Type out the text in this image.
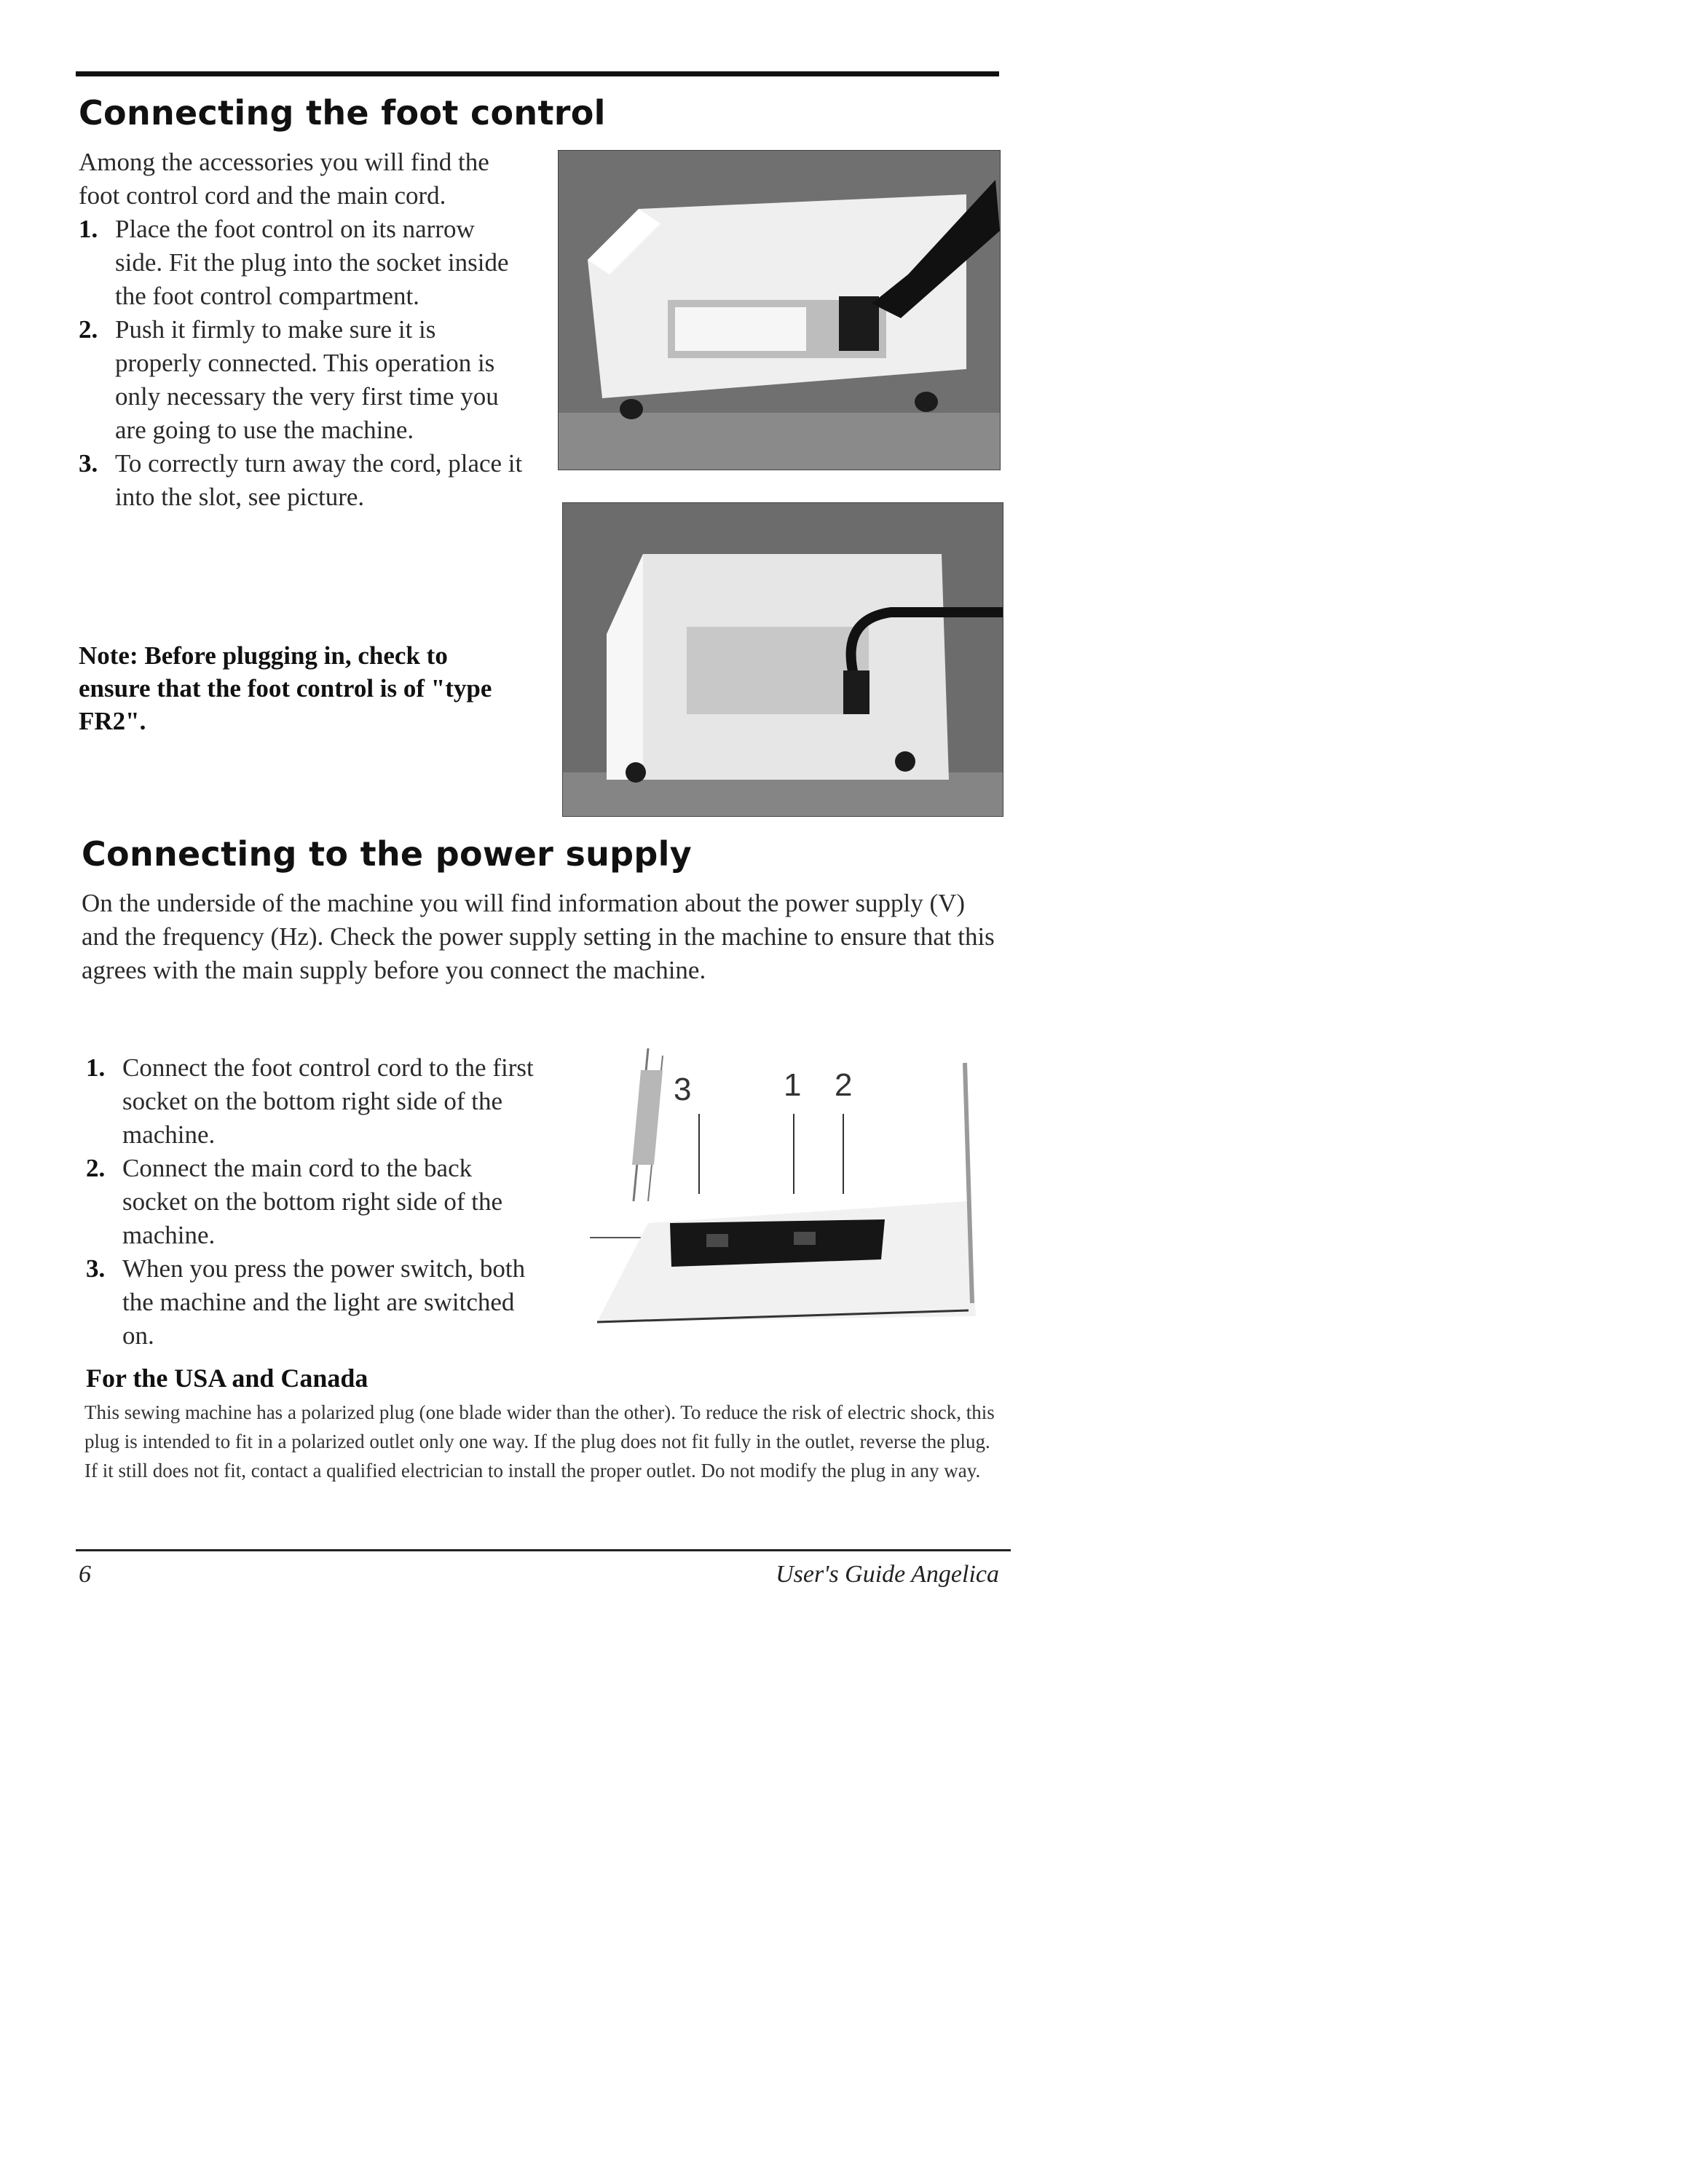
Connecting the foot control

Among the accessories you will find the foot control cord and the main cord.

1. Place the foot control on its narrow side. Fit the plug into the socket inside the foot control compartment.
2. Push it firmly to make sure it is properly connected. This operation is only necessary the very first time you are going to use the machine.
3. To correctly turn away the cord, place it into the slot, see picture.
Note: Before plugging in, check to ensure that the foot control is of "type FR2".
Connecting to the power supply

On the underside of the machine you will find information about the power supply (V) and the frequency (Hz). Check the power supply setting in the machine to ensure that this agrees with the main supply before you connect the machine.

1. Connect the foot control cord to the first socket on the bottom right side of the machine.
2. Connect the main cord to the back socket on the bottom right side of the machine.
3. When you press the power switch, both the machine and the light are switched on.
3	1 2
For the USA and Canada

This sewing machine has a polarized plug (one blade wider than the other). To reduce the risk of electric shock, this plug is intended to fit in a polarized outlet only one way. If the plug does not fit fully in the outlet, reverse the plug. If it still does not fit, contact a qualified electrician to install the proper outlet. Do not modify the plug in any way.

6	User's Guide Angelica
